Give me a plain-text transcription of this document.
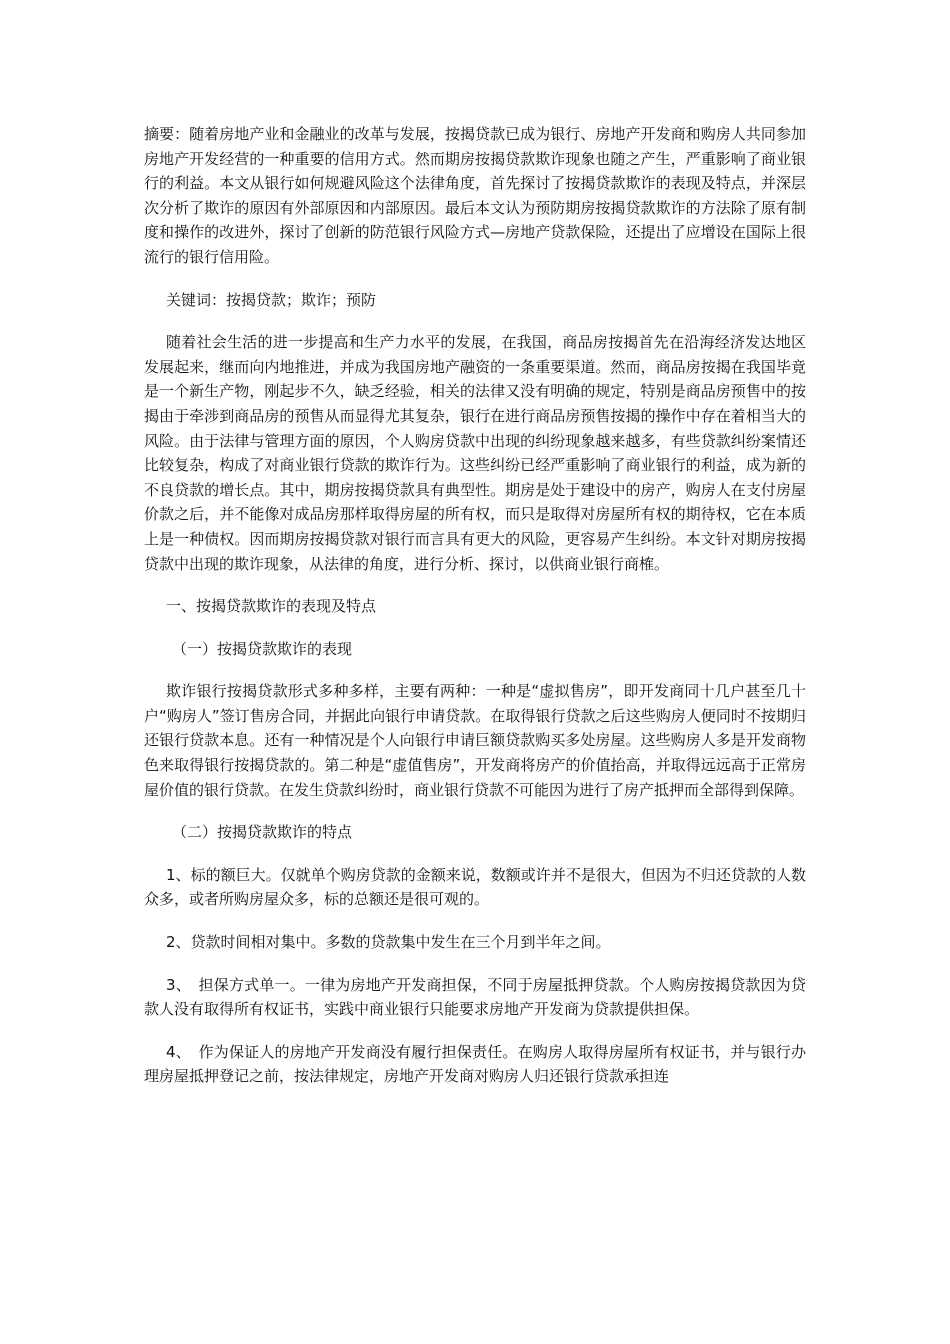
摘要：随着房地产业和金融业的改革与发展，按揭贷款已成为银行、房地产开发商和购房人共同参加房地产开发经营的一种重要的信用方式。然而期房按揭贷款欺诈现象也随之产生，严重影响了商业银行的利益。本文从银行如何规避风险这个法律角度，首先探讨了按揭贷款欺诈的表现及特点，并深层次分析了欺诈的原因有外部原因和内部原因。最后本文认为预防期房按揭贷款欺诈的方法除了原有制度和操作的改进外，探讨了创新的防范银行风险方式—房地产贷款保险，还提出了应增设在国际上很流行的银行信用险。

关键词：按揭贷款；欺诈；预防

随着社会生活的进一步提高和生产力水平的发展，在我国，商品房按揭首先在沿海经济发达地区发展起来，继而向内地推进，并成为我国房地产融资的一条重要渠道。然而，商品房按揭在我国毕竟是一个新生产物，刚起步不久，缺乏经验，相关的法律又没有明确的规定，特别是商品房预售中的按揭由于牵涉到商品房的预售从而显得尤其复杂，银行在进行商品房预售按揭的操作中存在着相当大的风险。由于法律与管理方面的原因，个人购房贷款中出现的纠纷现象越来越多，有些贷款纠纷案情还比较复杂，构成了对商业银行贷款的欺诈行为。这些纠纷已经严重影响了商业银行的利益，成为新的不良贷款的增长点。其中，期房按揭贷款具有典型性。期房是处于建设中的房产，购房人在支付房屋价款之后，并不能像对成品房那样取得房屋的所有权，而只是取得对房屋所有权的期待权，它在本质上是一种债权。因而期房按揭贷款对银行而言具有更大的风险，更容易产生纠纷。本文针对期房按揭贷款中出现的欺诈现象，从法律的角度，进行分析、探讨，以供商业银行商榷。

一、按揭贷款欺诈的表现及特点

（一）按揭贷款欺诈的表现

欺诈银行按揭贷款形式多种多样，主要有两种：一种是“虚拟售房”，即开发商同十几户甚至几十户“购房人”签订售房合同，并据此向银行申请贷款。在取得银行贷款之后这些购房人便同时不按期归还银行贷款本息。还有一种情况是个人向银行申请巨额贷款购买多处房屋。这些购房人多是开发商物色来取得银行按揭贷款的。第二种是“虚值售房”，开发商将房产的价值抬高，并取得远远高于正常房屋价值的银行贷款。在发生贷款纠纷时，商业银行贷款不可能因为进行了房产抵押而全部得到保障。

（二）按揭贷款欺诈的特点

1、标的额巨大。仅就单个购房贷款的金额来说，数额或许并不是很大，但因为不归还贷款的人数众多，或者所购房屋众多，标的总额还是很可观的。

2、贷款时间相对集中。多数的贷款集中发生在三个月到半年之间。

3、　担保方式单一。一律为房地产开发商担保，不同于房屋抵押贷款。个人购房按揭贷款因为贷款人没有取得所有权证书，实践中商业银行只能要求房地产开发商为贷款提供担保。

4、　作为保证人的房地产开发商没有履行担保责任。在购房人取得房屋所有权证书，并与银行办理房屋抵押登记之前，按法律规定，房地产开发商对购房人归还银行贷款承担连
